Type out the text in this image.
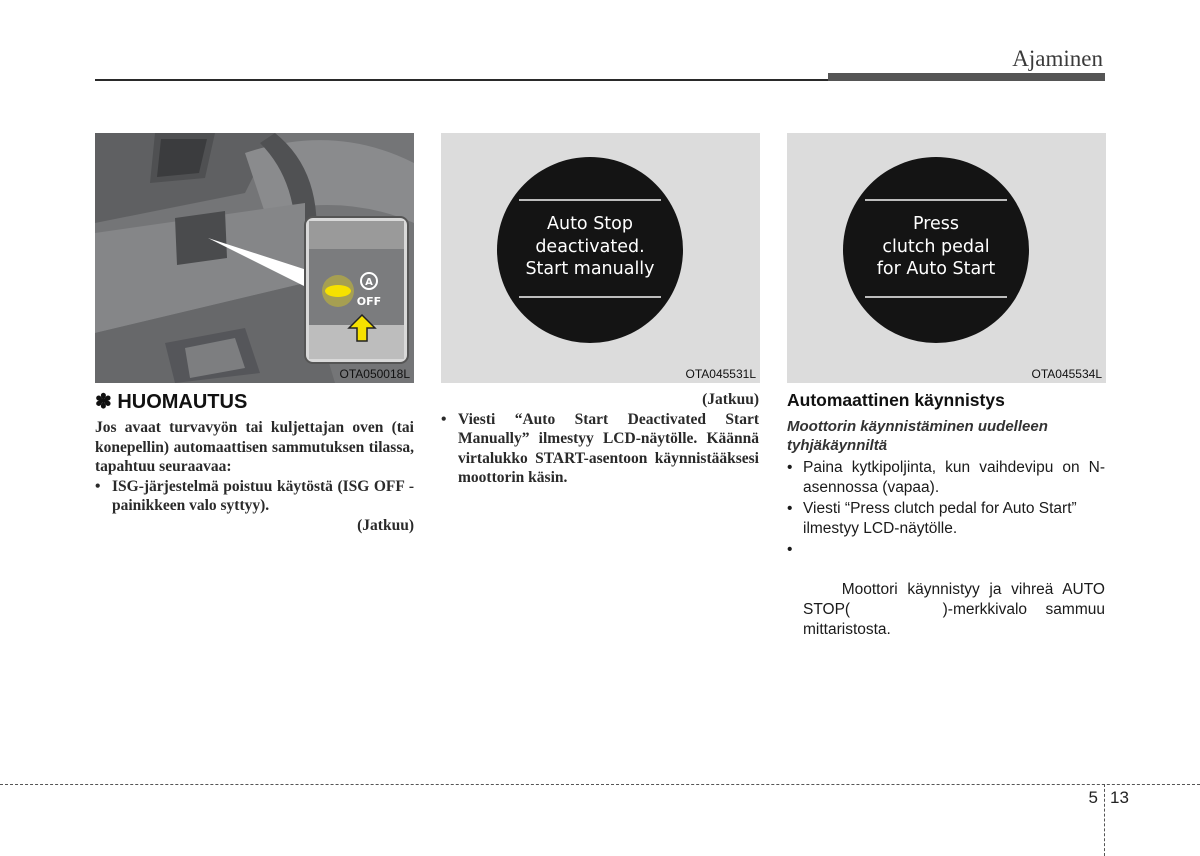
Ajaminen
A
OFF
OTA050018L
Auto Stop
deactivated.
Start manually
OTA045531L
Press
clutch pedal
for Auto Start
OTA045534L
✽ HUOMAUTUS
Jos avaat turvavyön tai kuljettajan oven (tai konepellin) automaattisen sammutuksen tilassa, tapahtuu seuraavaa:
• ISG-järjestelmä poistuu käytöstä (ISG OFF -painikkeen valo syttyy).
(Jatkuu)
(Jatkuu)
• Viesti “Auto Start Deactivated Start Manually” ilmestyy LCD-näytölle. Käännä virtalukko START-asentoon käynnistääksesi moottorin käsin.
Automaattinen käynnistys
Moottorin käynnistäminen uudelleen tyhjäkäynniltä
• Paina kytkipoljinta, kun vaihdevipu on N-asennossa (vapaa).
• Viesti “Press clutch pedal for Auto Start” ilmestyy LCD-näytölle.

•

Moottori käynnistyy ja vihreä AUTO STOP(     )-merkkivalo sammuu mittaristosta.

5 13
